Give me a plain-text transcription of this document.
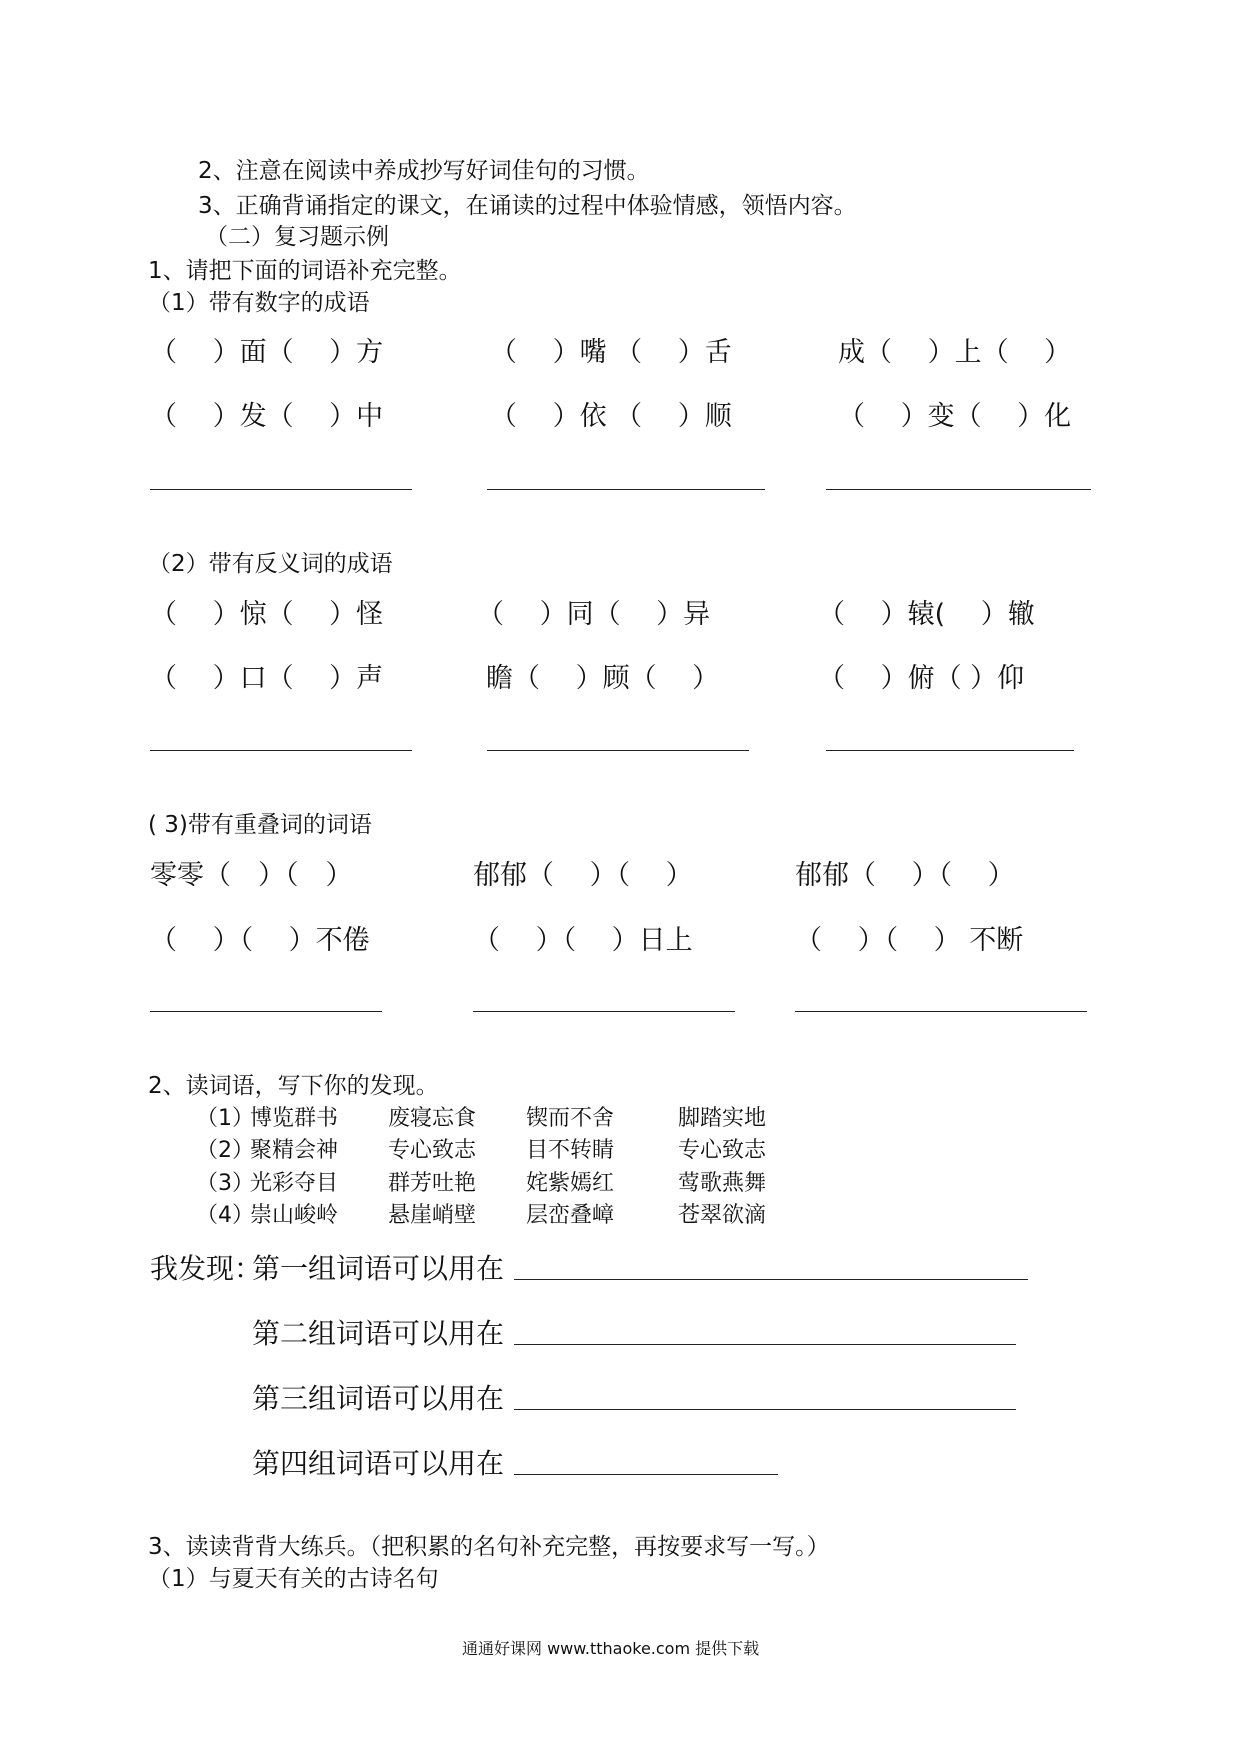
2、注意在阅读中养成抄写好词佳句的习惯。
3、正确背诵指定的课文，在诵读的过程中体验情感，领悟内容。
（二）复习题示例
1、请把下面的词语补充完整。
（1）带有数字的成语
（　 ）面（　 ）方	（　 ）嘴 （　 ）舌	成（　 ）上（　 ）
（　 ）发（　 ）中	（　 ）依 （　 ）顺	（　 ）变（　 ）化
（2）带有反义词的成语
（　 ）惊（　 ）怪	（　 ）同（　 ）异	（　 ）辕(　 ）辙
（　 ）口（　 ）声	瞻（　 ）顾（　 ）	（　 ）俯（ ）仰
( 3)带有重叠词的词语
零零（　）（　）	郁郁（　 ）（　 ）	郁郁（　 ）（　 ）
（　 ）（　 ）不倦	（　 ）（　 ）日上	（　 ）（　 ） 不断
2、读词语，写下你的发现。
（1）
博览群书 废寝忘食 锲而不舍	脚踏实地
（2）
聚精会神 专心致志 目不转睛	专心致志
（3）
光彩夺目 群芳吐艳 姹紫嫣红	莺歌燕舞
（4）
崇山峻岭 悬崖峭壁 层峦叠嶂	苍翠欲滴
我发现：
第一组词语可以用在
第二组词语可以用在
第三组词语可以用在
第四组词语可以用在
3、读读背背大练兵。（把积累的名句补充完整，再按要求写一写。）
（1）与夏天有关的古诗名句
通通好课网 www.tthaoke.com 提供下载
